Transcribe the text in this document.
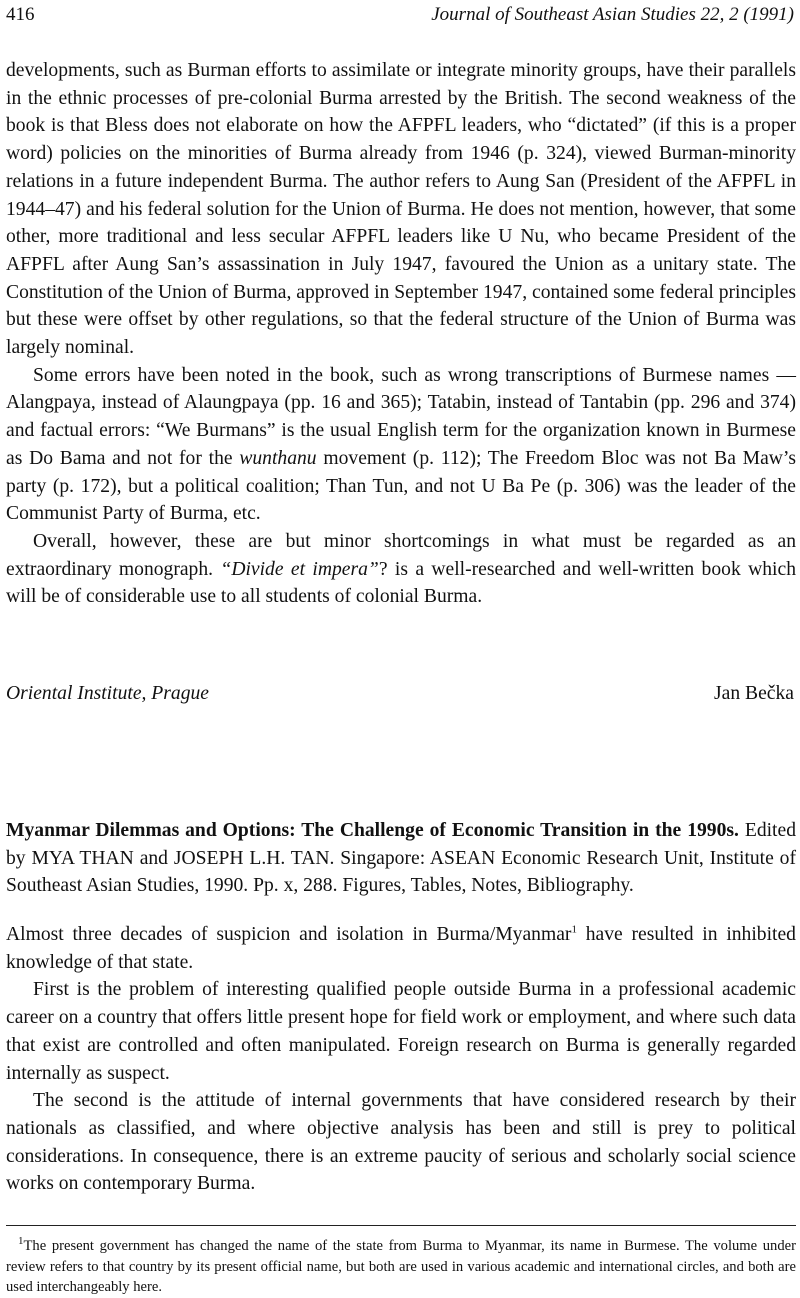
416	Journal of Southeast Asian Studies 22, 2 (1991)

developments, such as Burman efforts to assimilate or integrate minority groups, have their parallels in the ethnic processes of pre-colonial Burma arrested by the British. The second weakness of the book is that Bless does not elaborate on how the AFPFL leaders, who “dictated” (if this is a proper word) policies on the minorities of Burma already from 1946 (p. 324), viewed Burman-minority relations in a future independent Burma. The author refers to Aung San (President of the AFPFL in 1944–47) and his federal solution for the Union of Burma. He does not mention, however, that some other, more traditional and less secular AFPFL leaders like U Nu, who became President of the AFPFL after Aung San’s assassination in July 1947, favoured the Union as a unitary state. The Constitution of the Union of Burma, approved in September 1947, contained some federal principles but these were offset by other regulations, so that the federal structure of the Union of Burma was largely nominal.

Some errors have been noted in the book, such as wrong transcriptions of Burmese names — Alangpaya, instead of Alaungpaya (pp. 16 and 365); Tatabin, instead of Tantabin (pp. 296 and 374) and factual errors: “We Burmans” is the usual English term for the organization known in Burmese as Do Bama and not for the wunthanu movement (p. 112); The Freedom Bloc was not Ba Maw’s party (p. 172), but a political coalition; Than Tun, and not U Ba Pe (p. 306) was the leader of the Communist Party of Burma, etc.

Overall, however, these are but minor shortcomings in what must be regarded as an extraordinary monograph. “Divide et impera”? is a well-researched and well-written book which will be of considerable use to all students of colonial Burma.

Oriental Institute, Prague	Jan Bečka
Myanmar Dilemmas and Options: The Challenge of Economic Transition in the 1990s. Edited by MYA THAN and JOSEPH L.H. TAN. Singapore: ASEAN Economic Research Unit, Institute of Southeast Asian Studies, 1990. Pp. x, 288. Figures, Tables, Notes, Bibliography.

Almost three decades of suspicion and isolation in Burma/Myanmar$^1$ have resulted in inhibited knowledge of that state.

First is the problem of interesting qualified people outside Burma in a professional academic career on a country that offers little present hope for field work or employment, and where such data that exist are controlled and often manipulated. Foreign research on Burma is generally regarded internally as suspect.

The second is the attitude of internal governments that have considered research by their nationals as classified, and where objective analysis has been and still is prey to political considerations. In consequence, there is an extreme paucity of serious and scholarly social science works on contemporary Burma.

$^1$The present government has changed the name of the state from Burma to Myanmar, its name in Burmese. The volume under review refers to that country by its present official name, but both are used in various academic and international circles, and both are used interchangeably here.
